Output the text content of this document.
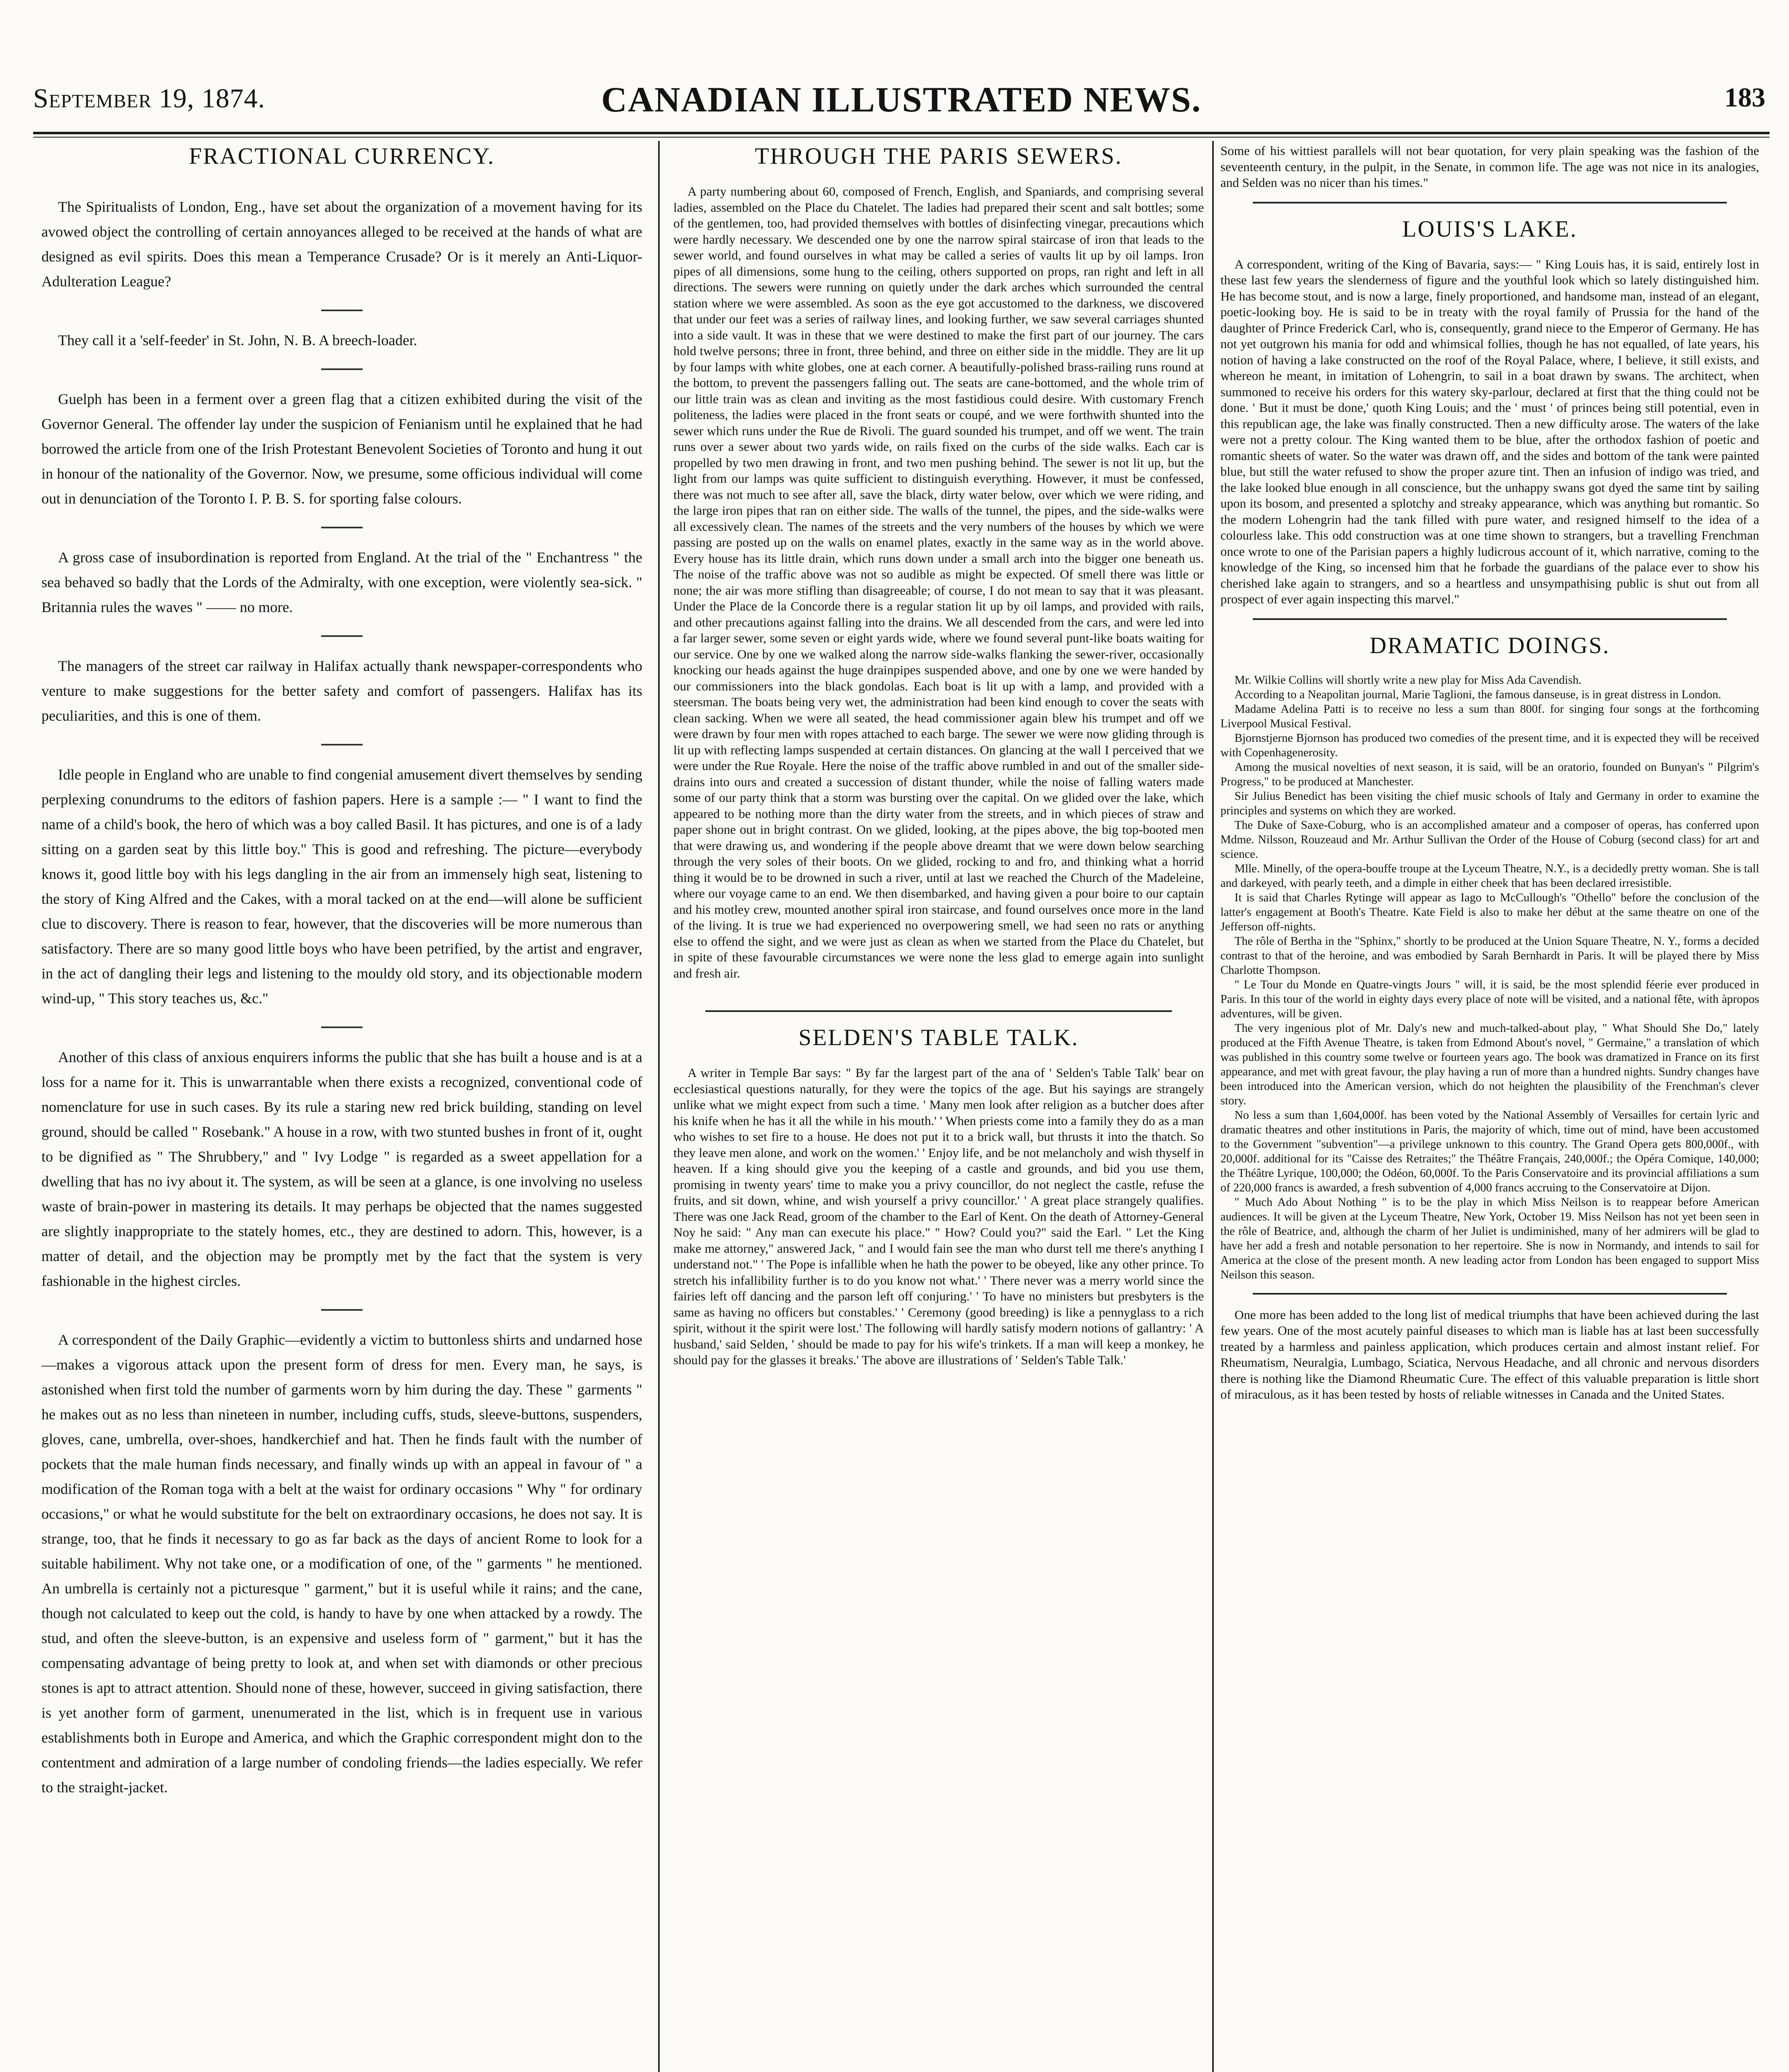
September 19, 1874.	CANADIAN ILLUSTRATED NEWS.	183
FRACTIONAL CURRENCY.

The Spiritualists of London, Eng., have set about the organization of a movement having for its avowed object the controlling of certain annoyances alleged to be received at the hands of what are designed as evil spirits. Does this mean a Temperance Crusade? Or is it merely an Anti-Liquor-Adulteration League?

They call it a 'self-feeder' in St. John, N. B. A breech-loader.

Guelph has been in a ferment over a green flag that a citizen exhibited during the visit of the Governor General. The offender lay under the suspicion of Fenianism until he explained that he had borrowed the article from one of the Irish Protestant Benevolent Societies of Toronto and hung it out in honour of the nationality of the Governor. Now, we presume, some officious individual will come out in denunciation of the Toronto I. P. B. S. for sporting false colours.

A gross case of insubordination is reported from England. At the trial of the " Enchantress " the sea behaved so badly that the Lords of the Admiralty, with one exception, were violently sea-sick. " Britannia rules the waves " —— no more.

The managers of the street car railway in Halifax actually thank newspaper-correspondents who venture to make suggestions for the better safety and comfort of passengers. Halifax has its peculiarities, and this is one of them.

Idle people in England who are unable to find congenial amusement divert themselves by sending perplexing conundrums to the editors of fashion papers. Here is a sample :— " I want to find the name of a child's book, the hero of which was a boy called Basil. It has pictures, and one is of a lady sitting on a garden seat by this little boy." This is good and refreshing. The picture—everybody knows it, good little boy with his legs dangling in the air from an immensely high seat, listening to the story of King Alfred and the Cakes, with a moral tacked on at the end—will alone be sufficient clue to discovery. There is reason to fear, however, that the discoveries will be more numerous than satisfactory. There are so many good little boys who have been petrified, by the artist and engraver, in the act of dangling their legs and listening to the mouldy old story, and its objectionable modern wind-up, " This story teaches us, &c."

Another of this class of anxious enquirers informs the public that she has built a house and is at a loss for a name for it. This is unwarrantable when there exists a recognized, conventional code of nomenclature for use in such cases. By its rule a staring new red brick building, standing on level ground, should be called " Rosebank." A house in a row, with two stunted bushes in front of it, ought to be dignified as " The Shrubbery," and " Ivy Lodge " is regarded as a sweet appellation for a dwelling that has no ivy about it. The system, as will be seen at a glance, is one involving no useless waste of brain-power in mastering its details. It may perhaps be objected that the names suggested are slightly inappropriate to the stately homes, etc., they are destined to adorn. This, however, is a matter of detail, and the objection may be promptly met by the fact that the system is very fashionable in the highest circles.

A correspondent of the Daily Graphic—evidently a victim to buttonless shirts and undarned hose—makes a vigorous attack upon the present form of dress for men. Every man, he says, is astonished when first told the number of garments worn by him during the day. These " garments " he makes out as no less than nineteen in number, including cuffs, studs, sleeve-buttons, suspenders, gloves, cane, umbrella, over-shoes, handkerchief and hat. Then he finds fault with the number of pockets that the male human finds necessary, and finally winds up with an appeal in favour of " a modification of the Roman toga with a belt at the waist for ordinary occasions " Why " for ordinary occasions," or what he would substitute for the belt on extraordinary occasions, he does not say. It is strange, too, that he finds it necessary to go as far back as the days of ancient Rome to look for a suitable habiliment. Why not take one, or a modification of one, of the " garments " he mentioned. An umbrella is certainly not a picturesque " garment," but it is useful while it rains; and the cane, though not calculated to keep out the cold, is handy to have by one when attacked by a rowdy. The stud, and often the sleeve-button, is an expensive and useless form of " garment," but it has the compensating advantage of being pretty to look at, and when set with diamonds or other precious stones is apt to attract attention. Should none of these, however, succeed in giving satisfaction, there is yet another form of garment, unenumerated in the list, which is in frequent use in various establishments both in Europe and America, and which the Graphic correspondent might don to the contentment and admiration of a large number of condoling friends—the ladies especially. We refer to the straight-jacket.

THROUGH THE PARIS SEWERS.

A party numbering about 60, composed of French, English, and Spaniards, and comprising several ladies, assembled on the Place du Chatelet. The ladies had prepared their scent and salt bottles; some of the gentlemen, too, had provided themselves with bottles of disinfecting vinegar, precautions which were hardly necessary. We descended one by one the narrow spiral staircase of iron that leads to the sewer world, and found ourselves in what may be called a series of vaults lit up by oil lamps. Iron pipes of all dimensions, some hung to the ceiling, others supported on props, ran right and left in all directions. The sewers were running on quietly under the dark arches which surrounded the central station where we were assembled. As soon as the eye got accustomed to the darkness, we discovered that under our feet was a series of railway lines, and looking further, we saw several carriages shunted into a side vault. It was in these that we were destined to make the first part of our journey. The cars hold twelve persons; three in front, three behind, and three on either side in the middle. They are lit up by four lamps with white globes, one at each corner. A beautifully-polished brass-railing runs round at the bottom, to prevent the passengers falling out. The seats are cane-bottomed, and the whole trim of our little train was as clean and inviting as the most fastidious could desire. With customary French politeness, the ladies were placed in the front seats or coupé, and we were forthwith shunted into the sewer which runs under the Rue de Rivoli. The guard sounded his trumpet, and off we went. The train runs over a sewer about two yards wide, on rails fixed on the curbs of the side walks. Each car is propelled by two men drawing in front, and two men pushing behind. The sewer is not lit up, but the light from our lamps was quite sufficient to distinguish everything. However, it must be confessed, there was not much to see after all, save the black, dirty water below, over which we were riding, and the large iron pipes that ran on either side. The walls of the tunnel, the pipes, and the side-walks were all excessively clean. The names of the streets and the very numbers of the houses by which we were passing are posted up on the walls on enamel plates, exactly in the same way as in the world above. Every house has its little drain, which runs down under a small arch into the bigger one beneath us. The noise of the traffic above was not so audible as might be expected. Of smell there was little or none; the air was more stifling than disagreeable; of course, I do not mean to say that it was pleasant. Under the Place de la Concorde there is a regular station lit up by oil lamps, and provided with rails, and other precautions against falling into the drains. We all descended from the cars, and were led into a far larger sewer, some seven or eight yards wide, where we found several punt-like boats waiting for our service. One by one we walked along the narrow side-walks flanking the sewer-river, occasionally knocking our heads against the huge drainpipes suspended above, and one by one we were handed by our commissioners into the black gondolas. Each boat is lit up with a lamp, and provided with a steersman. The boats being very wet, the administration had been kind enough to cover the seats with clean sacking. When we were all seated, the head commissioner again blew his trumpet and off we were drawn by four men with ropes attached to each barge. The sewer we were now gliding through is lit up with reflecting lamps suspended at certain distances. On glancing at the wall I perceived that we were under the Rue Royale. Here the noise of the traffic above rumbled in and out of the smaller side-drains into ours and created a succession of distant thunder, while the noise of falling waters made some of our party think that a storm was bursting over the capital. On we glided over the lake, which appeared to be nothing more than the dirty water from the streets, and in which pieces of straw and paper shone out in bright contrast. On we glided, looking, at the pipes above, the big top-booted men that were drawing us, and wondering if the people above dreamt that we were down below searching through the very soles of their boots. On we glided, rocking to and fro, and thinking what a horrid thing it would be to be drowned in such a river, until at last we reached the Church of the Madeleine, where our voyage came to an end. We then disembarked, and having given a pour boire to our captain and his motley crew, mounted another spiral iron staircase, and found ourselves once more in the land of the living. It is true we had experienced no overpowering smell, we had seen no rats or anything else to offend the sight, and we were just as clean as when we started from the Place du Chatelet, but in spite of these favourable circumstances we were none the less glad to emerge again into sunlight and fresh air.

SELDEN'S TABLE TALK.

A writer in Temple Bar says: " By far the largest part of the ana of ' Selden's Table Talk' bear on ecclesiastical questions naturally, for they were the topics of the age. But his sayings are strangely unlike what we might expect from such a time. ' Many men look after religion as a butcher does after his knife when he has it all the while in his mouth.' ' When priests come into a family they do as a man who wishes to set fire to a house. He does not put it to a brick wall, but thrusts it into the thatch. So they leave men alone, and work on the women.' ' Enjoy life, and be not melancholy and wish thyself in heaven. If a king should give you the keeping of a castle and grounds, and bid you use them, promising in twenty years' time to make you a privy councillor, do not neglect the castle, refuse the fruits, and sit down, whine, and wish yourself a privy councillor.' ' A great place strangely qualifies. There was one Jack Read, groom of the chamber to the Earl of Kent. On the death of Attorney-General Noy he said: " Any man can execute his place." " How? Could you?" said the Earl. " Let the King make me attorney," answered Jack, " and I would fain see the man who durst tell me there's anything I understand not." ' The Pope is infallible when he hath the power to be obeyed, like any other prince. To stretch his infallibility further is to do you know not what.' ' There never was a merry world since the fairies left off dancing and the parson left off conjuring.' ' To have no ministers but presbyters is the same as having no officers but constables.' ' Ceremony (good breeding) is like a pennyglass to a rich spirit, without it the spirit were lost.' The following will hardly satisfy modern notions of gallantry: ' A husband,' said Selden, ' should be made to pay for his wife's trinkets. If a man will keep a monkey, he should pay for the glasses it breaks.' The above are illustrations of ' Selden's Table Talk.'

Some of his wittiest parallels will not bear quotation, for very plain speaking was the fashion of the seventeenth century, in the pulpit, in the Senate, in common life. The age was not nice in its analogies, and Selden was no nicer than his times."

LOUIS'S LAKE.

A correspondent, writing of the King of Bavaria, says:— " King Louis has, it is said, entirely lost in these last few years the slenderness of figure and the youthful look which so lately distinguished him. He has become stout, and is now a large, finely proportioned, and handsome man, instead of an elegant, poetic-looking boy. He is said to be in treaty with the royal family of Prussia for the hand of the daughter of Prince Frederick Carl, who is, consequently, grand niece to the Emperor of Germany. He has not yet outgrown his mania for odd and whimsical follies, though he has not equalled, of late years, his notion of having a lake constructed on the roof of the Royal Palace, where, I believe, it still exists, and whereon he meant, in imitation of Lohengrin, to sail in a boat drawn by swans. The architect, when summoned to receive his orders for this watery sky-parlour, declared at first that the thing could not be done. ' But it must be done,' quoth King Louis; and the ' must ' of princes being still potential, even in this republican age, the lake was finally constructed. Then a new difficulty arose. The waters of the lake were not a pretty colour. The King wanted them to be blue, after the orthodox fashion of poetic and romantic sheets of water. So the water was drawn off, and the sides and bottom of the tank were painted blue, but still the water refused to show the proper azure tint. Then an infusion of indigo was tried, and the lake looked blue enough in all conscience, but the unhappy swans got dyed the same tint by sailing upon its bosom, and presented a splotchy and streaky appearance, which was anything but romantic. So the modern Lohengrin had the tank filled with pure water, and resigned himself to the idea of a colourless lake. This odd construction was at one time shown to strangers, but a travelling Frenchman once wrote to one of the Parisian papers a highly ludicrous account of it, which narrative, coming to the knowledge of the King, so incensed him that he forbade the guardians of the palace ever to show his cherished lake again to strangers, and so a heartless and unsympathising public is shut out from all prospect of ever again inspecting this marvel."

DRAMATIC DOINGS.

Mr. Wilkie Collins will shortly write a new play for Miss Ada Cavendish.

According to a Neapolitan journal, Marie Taglioni, the famous danseuse, is in great distress in London.

Madame Adelina Patti is to receive no less a sum than 800f. for singing four songs at the forthcoming Liverpool Musical Festival.

Bjornstjerne Bjornson has produced two comedies of the present time, and it is expected they will be received with Copenhagenerosity.

Among the musical novelties of next season, it is said, will be an oratorio, founded on Bunyan's " Pilgrim's Progress," to be produced at Manchester.

Sir Julius Benedict has been visiting the chief music schools of Italy and Germany in order to examine the principles and systems on which they are worked.

The Duke of Saxe-Coburg, who is an accomplished amateur and a composer of operas, has conferred upon Mdme. Nilsson, Rouzeaud and Mr. Arthur Sullivan the Order of the House of Coburg (second class) for art and science.

Mlle. Minelly, of the opera-bouffe troupe at the Lyceum Theatre, N.Y., is a decidedly pretty woman. She is tall and darkeyed, with pearly teeth, and a dimple in either cheek that has been declared irresistible.

It is said that Charles Rytinge will appear as Iago to McCullough's "Othello" before the conclusion of the latter's engagement at Booth's Theatre. Kate Field is also to make her début at the same theatre on one of the Jefferson off-nights.

The rôle of Bertha in the "Sphinx," shortly to be produced at the Union Square Theatre, N. Y., forms a decided contrast to that of the heroine, and was embodied by Sarah Bernhardt in Paris. It will be played there by Miss Charlotte Thompson.

" Le Tour du Monde en Quatre-vingts Jours " will, it is said, be the most splendid féerie ever produced in Paris. In this tour of the world in eighty days every place of note will be visited, and a national fête, with àpropos adventures, will be given.

The very ingenious plot of Mr. Daly's new and much-talked-about play, " What Should She Do," lately produced at the Fifth Avenue Theatre, is taken from Edmond About's novel, " Germaine," a translation of which was published in this country some twelve or fourteen years ago. The book was dramatized in France on its first appearance, and met with great favour, the play having a run of more than a hundred nights. Sundry changes have been introduced into the American version, which do not heighten the plausibility of the Frenchman's clever story.

No less a sum than 1,604,000f. has been voted by the National Assembly of Versailles for certain lyric and dramatic theatres and other institutions in Paris, the majority of which, time out of mind, have been accustomed to the Government "subvention"—a privilege unknown to this country. The Grand Opera gets 800,000f., with 20,000f. additional for its "Caisse des Retraites;" the Théâtre Français, 240,000f.; the Opéra Comique, 140,000; the Théâtre Lyrique, 100,000; the Odéon, 60,000f. To the Paris Conservatoire and its provincial affiliations a sum of 220,000 francs is awarded, a fresh subvention of 4,000 francs accruing to the Conservatoire at Dijon.

" Much Ado About Nothing " is to be the play in which Miss Neilson is to reappear before American audiences. It will be given at the Lyceum Theatre, New York, October 19. Miss Neilson has not yet been seen in the rôle of Beatrice, and, although the charm of her Juliet is undiminished, many of her admirers will be glad to have her add a fresh and notable personation to her repertoire. She is now in Normandy, and intends to sail for America at the close of the present month. A new leading actor from London has been engaged to support Miss Neilson this season.

One more has been added to the long list of medical triumphs that have been achieved during the last few years. One of the most acutely painful diseases to which man is liable has at last been successfully treated by a harmless and painless application, which produces certain and almost instant relief. For Rheumatism, Neuralgia, Lumbago, Sciatica, Nervous Headache, and all chronic and nervous disorders there is nothing like the Diamond Rheumatic Cure. The effect of this valuable preparation is little short of miraculous, as it has been tested by hosts of reliable witnesses in Canada and the United States.
